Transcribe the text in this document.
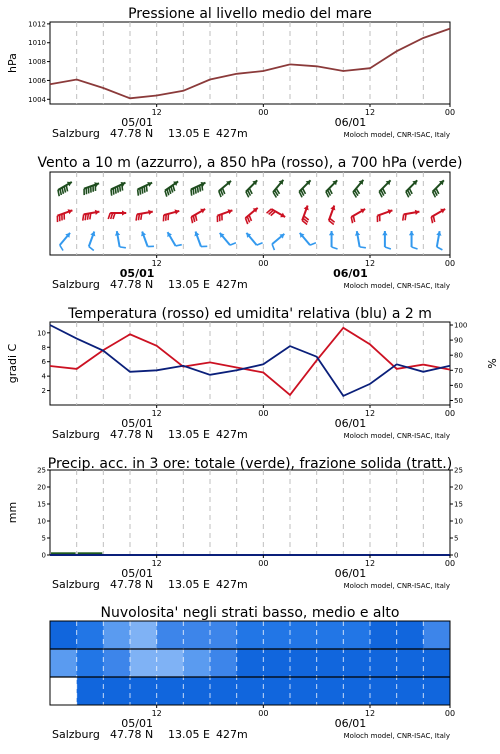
Pressione al livello medio del mare
hPa
1004
1006
1008
1010
1012
12	00	12	00
05/01	06/01
Salzburg 47.78 N 13.05 E 427m	Moloch model, CNR-ISAC, Italy
Vento a 10 m (azzurro), a 850 hPa (rosso), a 700 hPa (verde)
12	00	12	00
05/01	06/01
Salzburg 47.78 N 13.05 E 427m	Moloch model, CNR-ISAC, Italy
Temperatura (rosso) ed umidita' relativa (blu) a 2 m
gradi C	%
2
4
6
8
10
50
60
70
80
90
100
12	00	12	00
05/01	06/01
Salzburg 47.78 N 13.05 E 427m	Moloch model, CNR-ISAC, Italy
Precip. acc. in 3 ore: totale (verde), frazione solida (tratt.)
mm
0
5
10
15
20
25
0
5
10
15
20
25
12	00	12	00
05/01	06/01
Salzburg 47.78 N 13.05 E 427m	Moloch model, CNR-ISAC, Italy
Nuvolosita' negli strati basso, medio e alto
12	00	12	00
05/01	06/01
Salzburg 47.78 N 13.05 E 427m	Moloch model, CNR-ISAC, Italy
